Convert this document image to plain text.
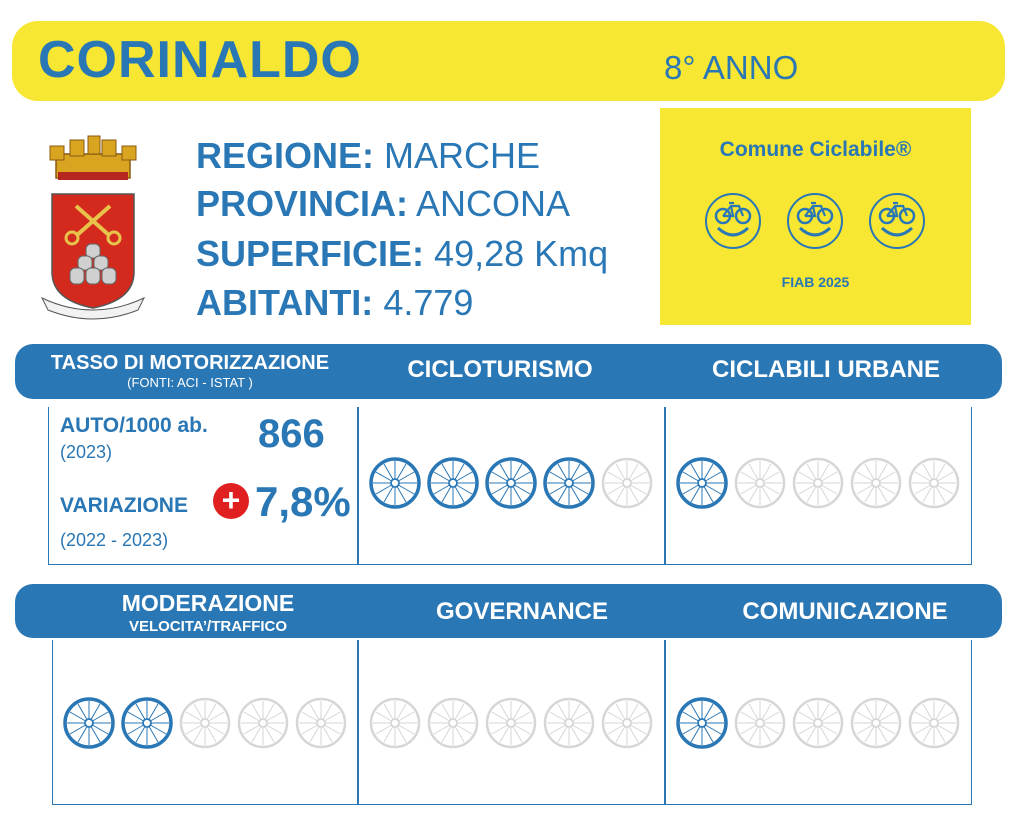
CORINALDO	8° ANNO
REGIONE: MARCHE
PROVINCIA: ANCONA
SUPERFICIE: 49,28 Kmq
ABITANTI: 4.779
Comune Ciclabile®
FIAB 2025
TASSO DI MOTORIZZAZIONE
(FONTI: ACI - ISTAT )	CICLOTURISMO	CICLABILI URBANE
AUTO/1000 ab.
(2023)	866
VARIAZIONE + 7,8%
(2022 - 2023)
MODERAZIONE
VELOCITA’/TRAFFICO
GOVERNANCE	COMUNICAZIONE
